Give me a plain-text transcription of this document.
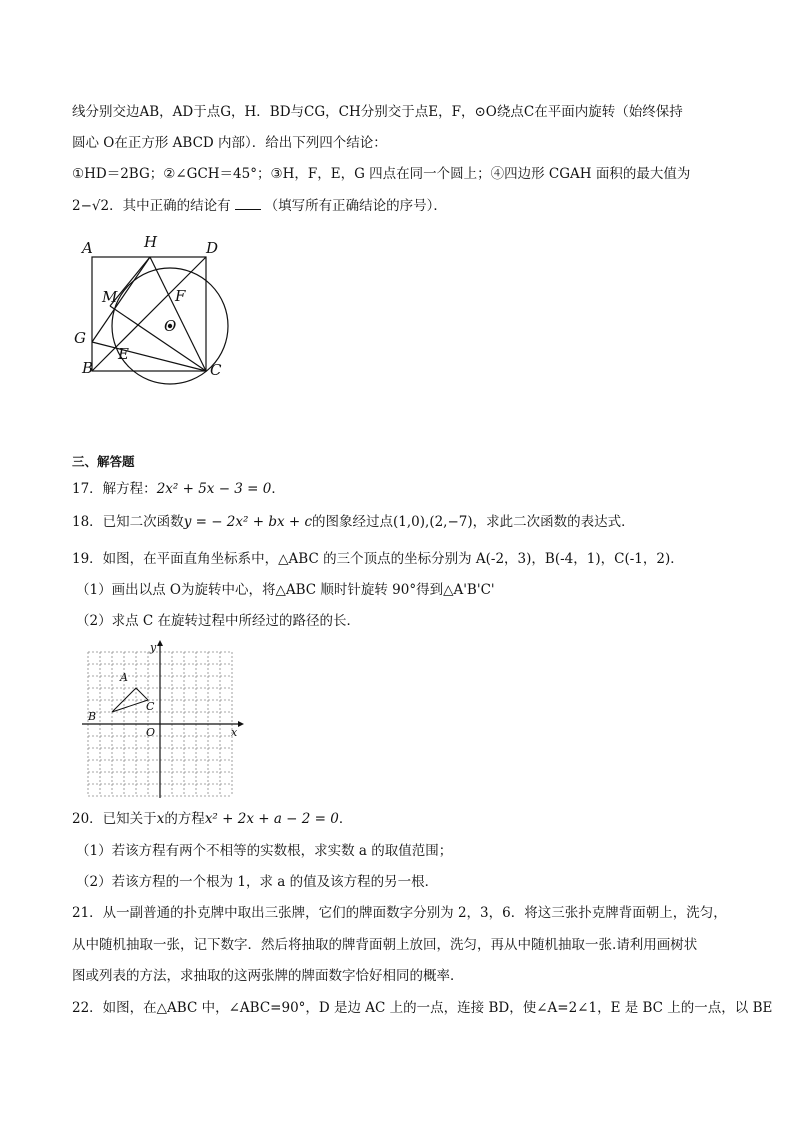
线分别交边AB，AD于点G，H．BD与CG，CH分别交于点E，F，⊙O绕点C在平面内旋转（始终保持
圆心 O在正方形 ABCD 内部）．给出下列四个结论：
①HD＝2BG；②∠GCH＝45°；③H，F，E，G 四点在同一个圆上；④四边形 CGAH 面积的最大值为
2−√2．其中正确的结论有	（填写所有正确结论的序号）．
A	H	D
M	F
O
G
E
B	C
三、解答题
17．解方程：2x² + 5x − 3 = 0．
18．已知二次函数y = − 2x² + bx + c的图象经过点(1,0),(2,−7)，求此二次函数的表达式．
19．如图，在平面直角坐标系中，△ABC 的三个顶点的坐标分别为 A(-2，3)，B(-4，1)，C(-1，2)．
（1）画出以点 O为旋转中心，将△ABC 顺时针旋转 90°得到△A'B'C'
（2）求点 C 在旋转过程中所经过的路径的长．
y
x
O
A
B
C
20．已知关于x的方程x² + 2x + a − 2 = 0．
（1）若该方程有两个不相等的实数根，求实数 a 的取值范围；
（2）若该方程的一个根为 1，求 a 的值及该方程的另一根．
21．从一副普通的扑克牌中取出三张牌，它们的牌面数字分别为 2，3，6．将这三张扑克牌背面朝上，洗匀，
从中随机抽取一张，记下数字．然后将抽取的牌背面朝上放回，洗匀，再从中随机抽取一张.请利用画树状
图或列表的方法，求抽取的这两张牌的牌面数字恰好相同的概率．
22．如图，在△ABC 中，∠ABC=90°，D 是边 AC 上的一点，连接 BD，使∠A=2∠1，E 是 BC 上的一点，以 BE
